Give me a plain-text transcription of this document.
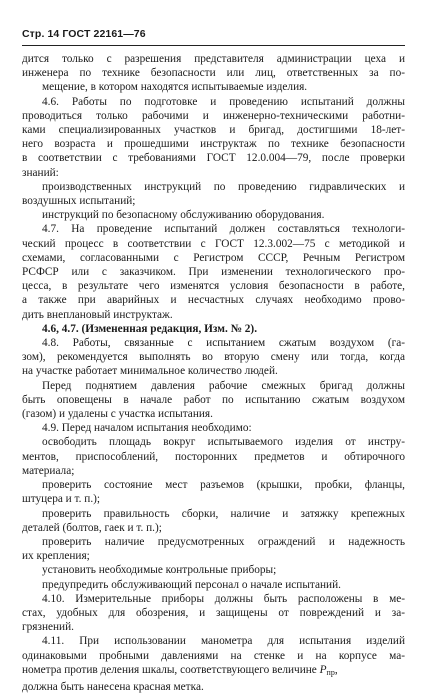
Стр. 14 ГОСТ 22161—76
дится только с разрешения представителя администрации цеха и
инженера по технике безопасности или лиц, ответственных за по-
мещение, в котором находятся испытываемые изделия.
4.6. Работы по подготовке и проведению испытаний должны
проводиться только рабочими и инженерно-техническими работни-
ками специализированных участков и бригад, достигшими 18-лет-
него возраста и прошедшими инструктаж по технике безопасности
в соответствии с требованиями ГОСТ 12.0.004—79, после проверки
знаний:
производственных инструкций по проведению гидравлических и
воздушных испытаний;
инструкций по безопасному обслуживанию оборудования.
4.7. На проведение испытаний должен составляться технологи-
ческий процесс в соответствии с ГОСТ 12.3.002—75 с методикой и
схемами, согласованными с Регистром СССР, Речным Регистром
РСФСР или с заказчиком. При изменении технологического про-
цесса, в результате чего изменятся условия безопасности в работе,
а также при аварийных и несчастных случаях необходимо прово-
дить внеплановый инструктаж.
4.6, 4.7. (Измененная редакция, Изм. № 2).
4.8. Работы, связанные с испытанием сжатым воздухом (га-
зом), рекомендуется выполнять во вторую смену или тогда, когда
на участке работает минимальное количество людей.
Перед поднятием давления рабочие смежных бригад должны
быть оповещены в начале работ по испытанию сжатым воздухом
(газом) и удалены с участка испытания.
4.9. Перед началом испытания необходимо:
освободить площадь вокруг испытываемого изделия от инстру-
ментов, приспособлений, посторонних предметов и обтирочного
материала;
проверить состояние мест разъемов (крышки, пробки, фланцы,
штуцера и т. п.);
проверить правильность сборки, наличие и затяжку крепежных
деталей (болтов, гаек и т. п.);
проверить наличие предусмотренных ограждений и надежность
их крепления;
установить необходимые контрольные приборы;
предупредить обслуживающий персонал о начале испытаний.
4.10. Измерительные приборы должны быть расположены в ме-
стах, удобных для обозрения, и защищены от повреждений и за-
грязнений.
4.11. При использовании манометра для испытания изделий
одинаковыми пробными давлениями на стенке и на корпусе ма-
нометра против деления шкалы, соответствующего величине $P_{пр}$,
должна быть нанесена красная метка.
